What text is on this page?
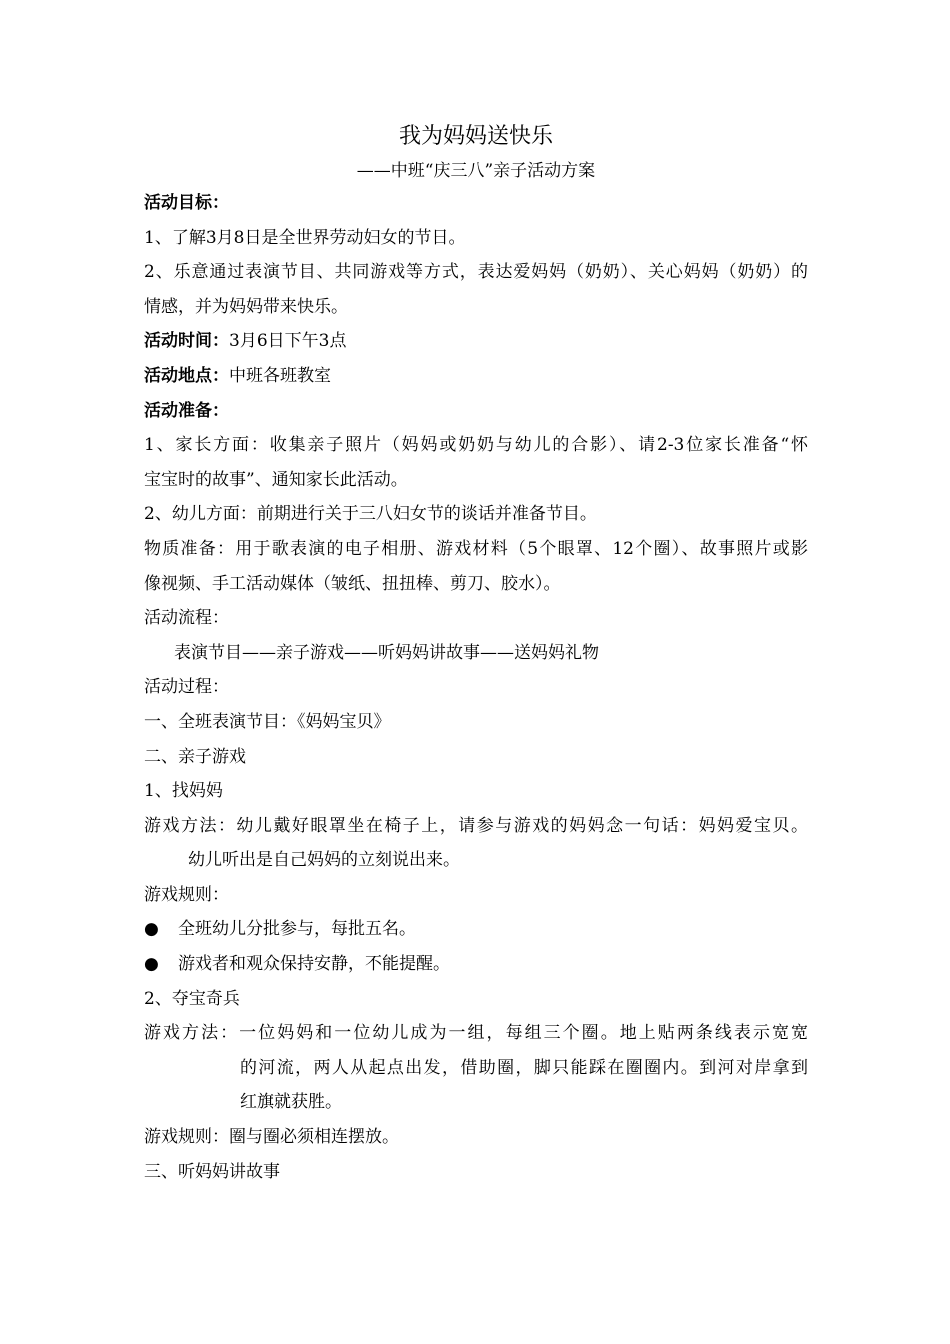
我为妈妈送快乐
——中班“庆三八”亲子活动方案
活动目标：
1、了解3月8日是全世界劳动妇女的节日。
2、乐意通过表演节目、共同游戏等方式，表达爱妈妈（奶奶）、关心妈妈（奶奶）的
情感，并为妈妈带来快乐。
活动时间：3月6日下午3点
活动地点：中班各班教室
活动准备：
1、家长方面：收集亲子照片（妈妈或奶奶与幼儿的合影）、请2-3位家长准备“怀
宝宝时的故事”、通知家长此活动。
2、幼儿方面：前期进行关于三八妇女节的谈话并准备节目。
物质准备：用于歌表演的电子相册、游戏材料（5个眼罩、12个圈）、故事照片或影
像视频、手工活动媒体（皱纸、扭扭棒、剪刀、胶水）。
活动流程：
表演节目——亲子游戏——听妈妈讲故事——送妈妈礼物
活动过程：
一、全班表演节目：《妈妈宝贝》
二、亲子游戏
1、找妈妈
游戏方法：幼儿戴好眼罩坐在椅子上，请参与游戏的妈妈念一句话：妈妈爱宝贝。
幼儿听出是自己妈妈的立刻说出来。
游戏规则：
● 全班幼儿分批参与，每批五名。
● 游戏者和观众保持安静，不能提醒。
2、夺宝奇兵
游戏方法：一位妈妈和一位幼儿成为一组，每组三个圈。地上贴两条线表示宽宽
的河流，两人从起点出发，借助圈，脚只能踩在圈圈内。到河对岸拿到
红旗就获胜。
游戏规则：圈与圈必须相连摆放。
三、听妈妈讲故事
